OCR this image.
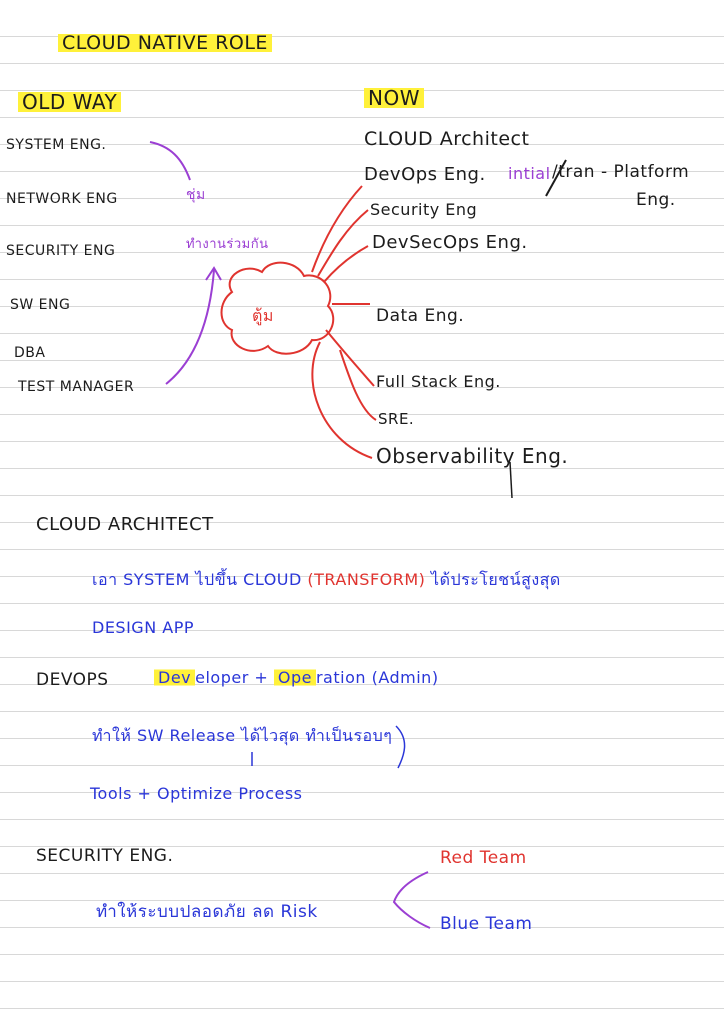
CLOUD NATIVE ROLE
OLD WAY	NOW
SYSTEM ENG.
NETWORK ENG
SECURITY ENG
SW ENG
DBA
TEST MANAGER
ชุ่ม
ทำงานร่วมกัน
ตู้ม
CLOUD Architect
DevOps Eng. intial /tran - Platform
Eng.
Security Eng
DevSecOps Eng.
Data Eng.
Full Stack Eng.
SRE.
Observability Eng.
CLOUD ARCHITECT
เอา SYSTEM ไปขึ้น CLOUD (TRANSFORM) ได้ประโยชน์สูงสุด
DESIGN APP
DEVOPS	Dev eloper + Ope ration (Admin)
ทำให้ SW Release ได้ไวสุด ทำเป็นรอบๆ
Tools + Optimize Process
SECURITY ENG.
ทำให้ระบบปลอดภัย ลด Risk
Red Team
Blue Team
